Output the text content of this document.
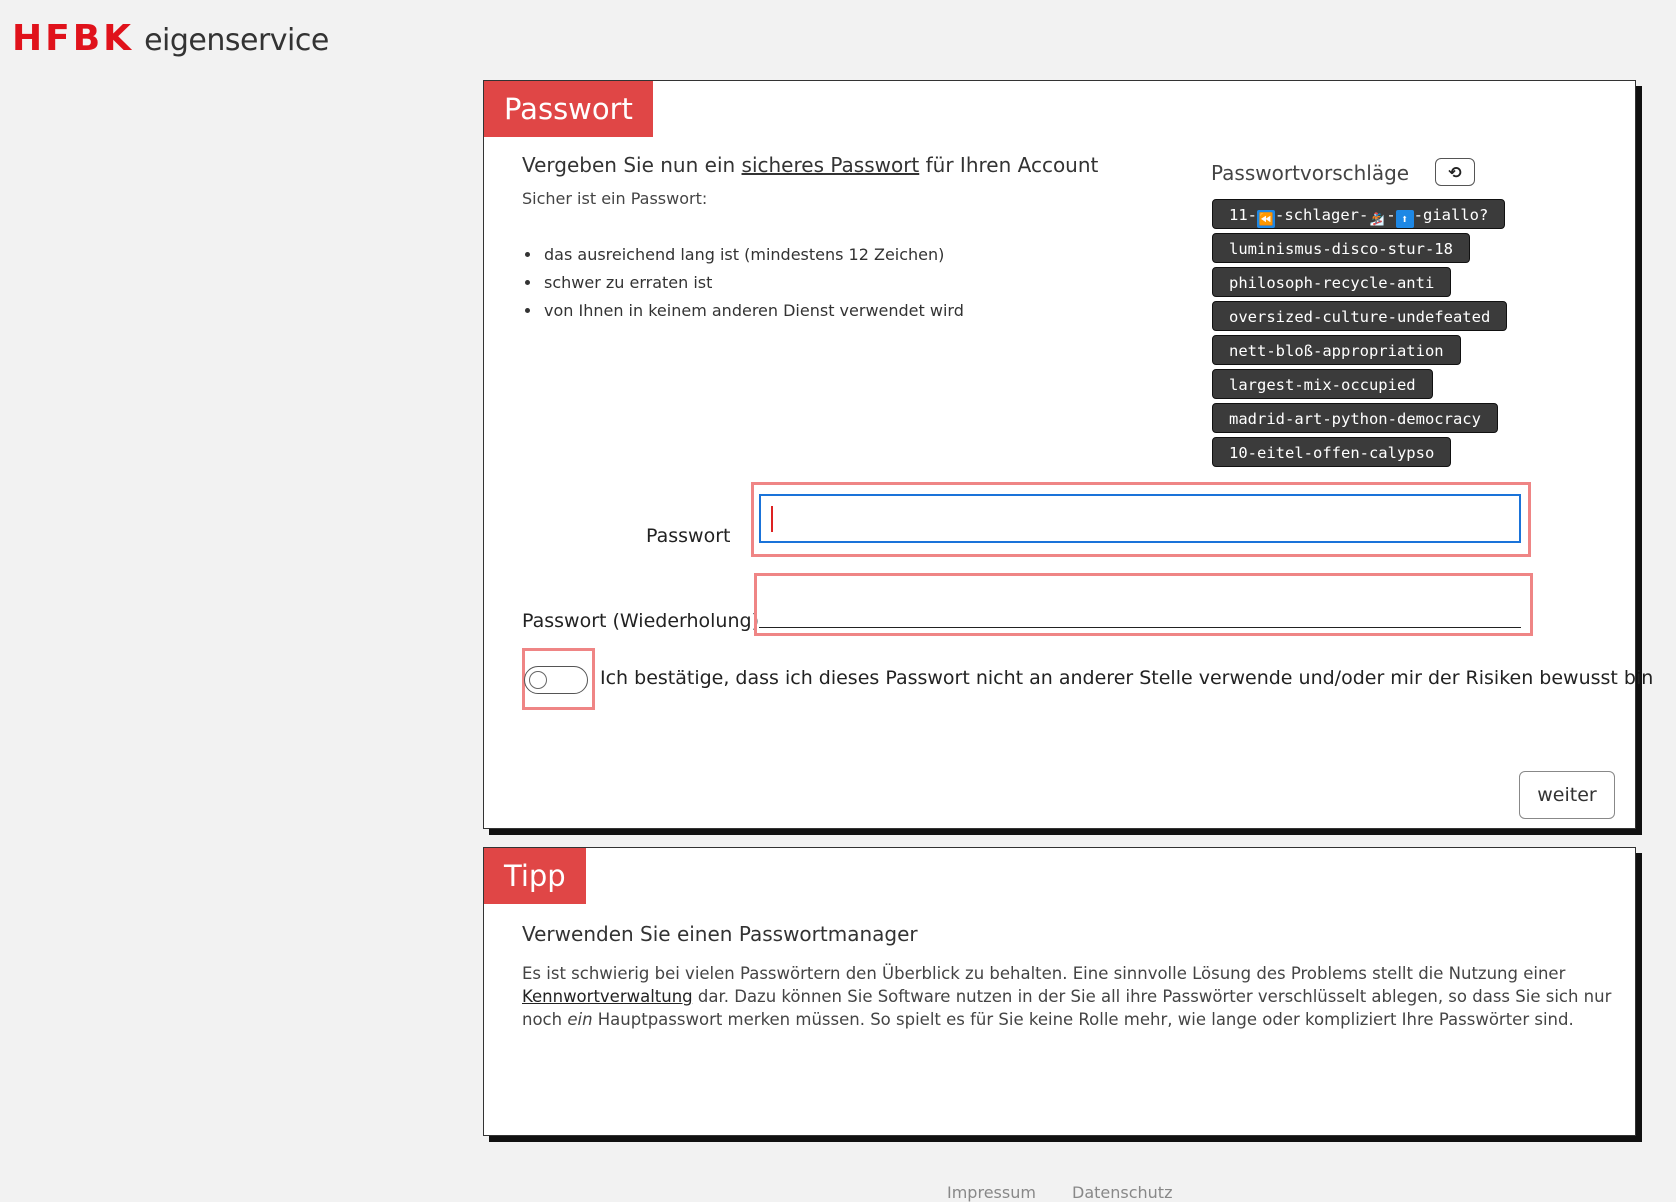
HFBK eigenservice
Passwort
Vergeben Sie nun ein sicheres Passwort für Ihren Account
Sicher ist ein Passwort:
• das ausreichend lang ist (mindestens 12 Zeichen)
• schwer zu erraten ist
• von Ihnen in keinem anderen Dienst verwendet wird
Passwortvorschläge	⟲
11- ⏪-schlager- 🏂- ⬆ -giallo?
luminismus-disco-stur-18
philosoph-recycle-anti
oversized-culture-undefeated
nett-bloß-appropriation
largest-mix-occupied
madrid-art-python-democracy
10-eitel-offen-calypso
Passwort
Passwort (Wiederholung)
Ich bestätige, dass ich dieses Passwort nicht an anderer Stelle verwende und/oder mir der Risiken bewusst bin
weiter
Tipp
Verwenden Sie einen Passwortmanager
Es ist schwierig bei vielen Passwörtern den Überblick zu behalten. Eine sinnvolle Lösung des Problems stellt die Nutzung einer Kennwortverwaltung dar. Dazu können Sie Software nutzen in der Sie all ihre Passwörter verschlüsselt ablegen, so dass Sie sich nur noch ein Hauptpasswort merken müssen. So spielt es für Sie keine Rolle mehr, wie lange oder kompliziert Ihre Passwörter sind.
Impressum Datenschutz
